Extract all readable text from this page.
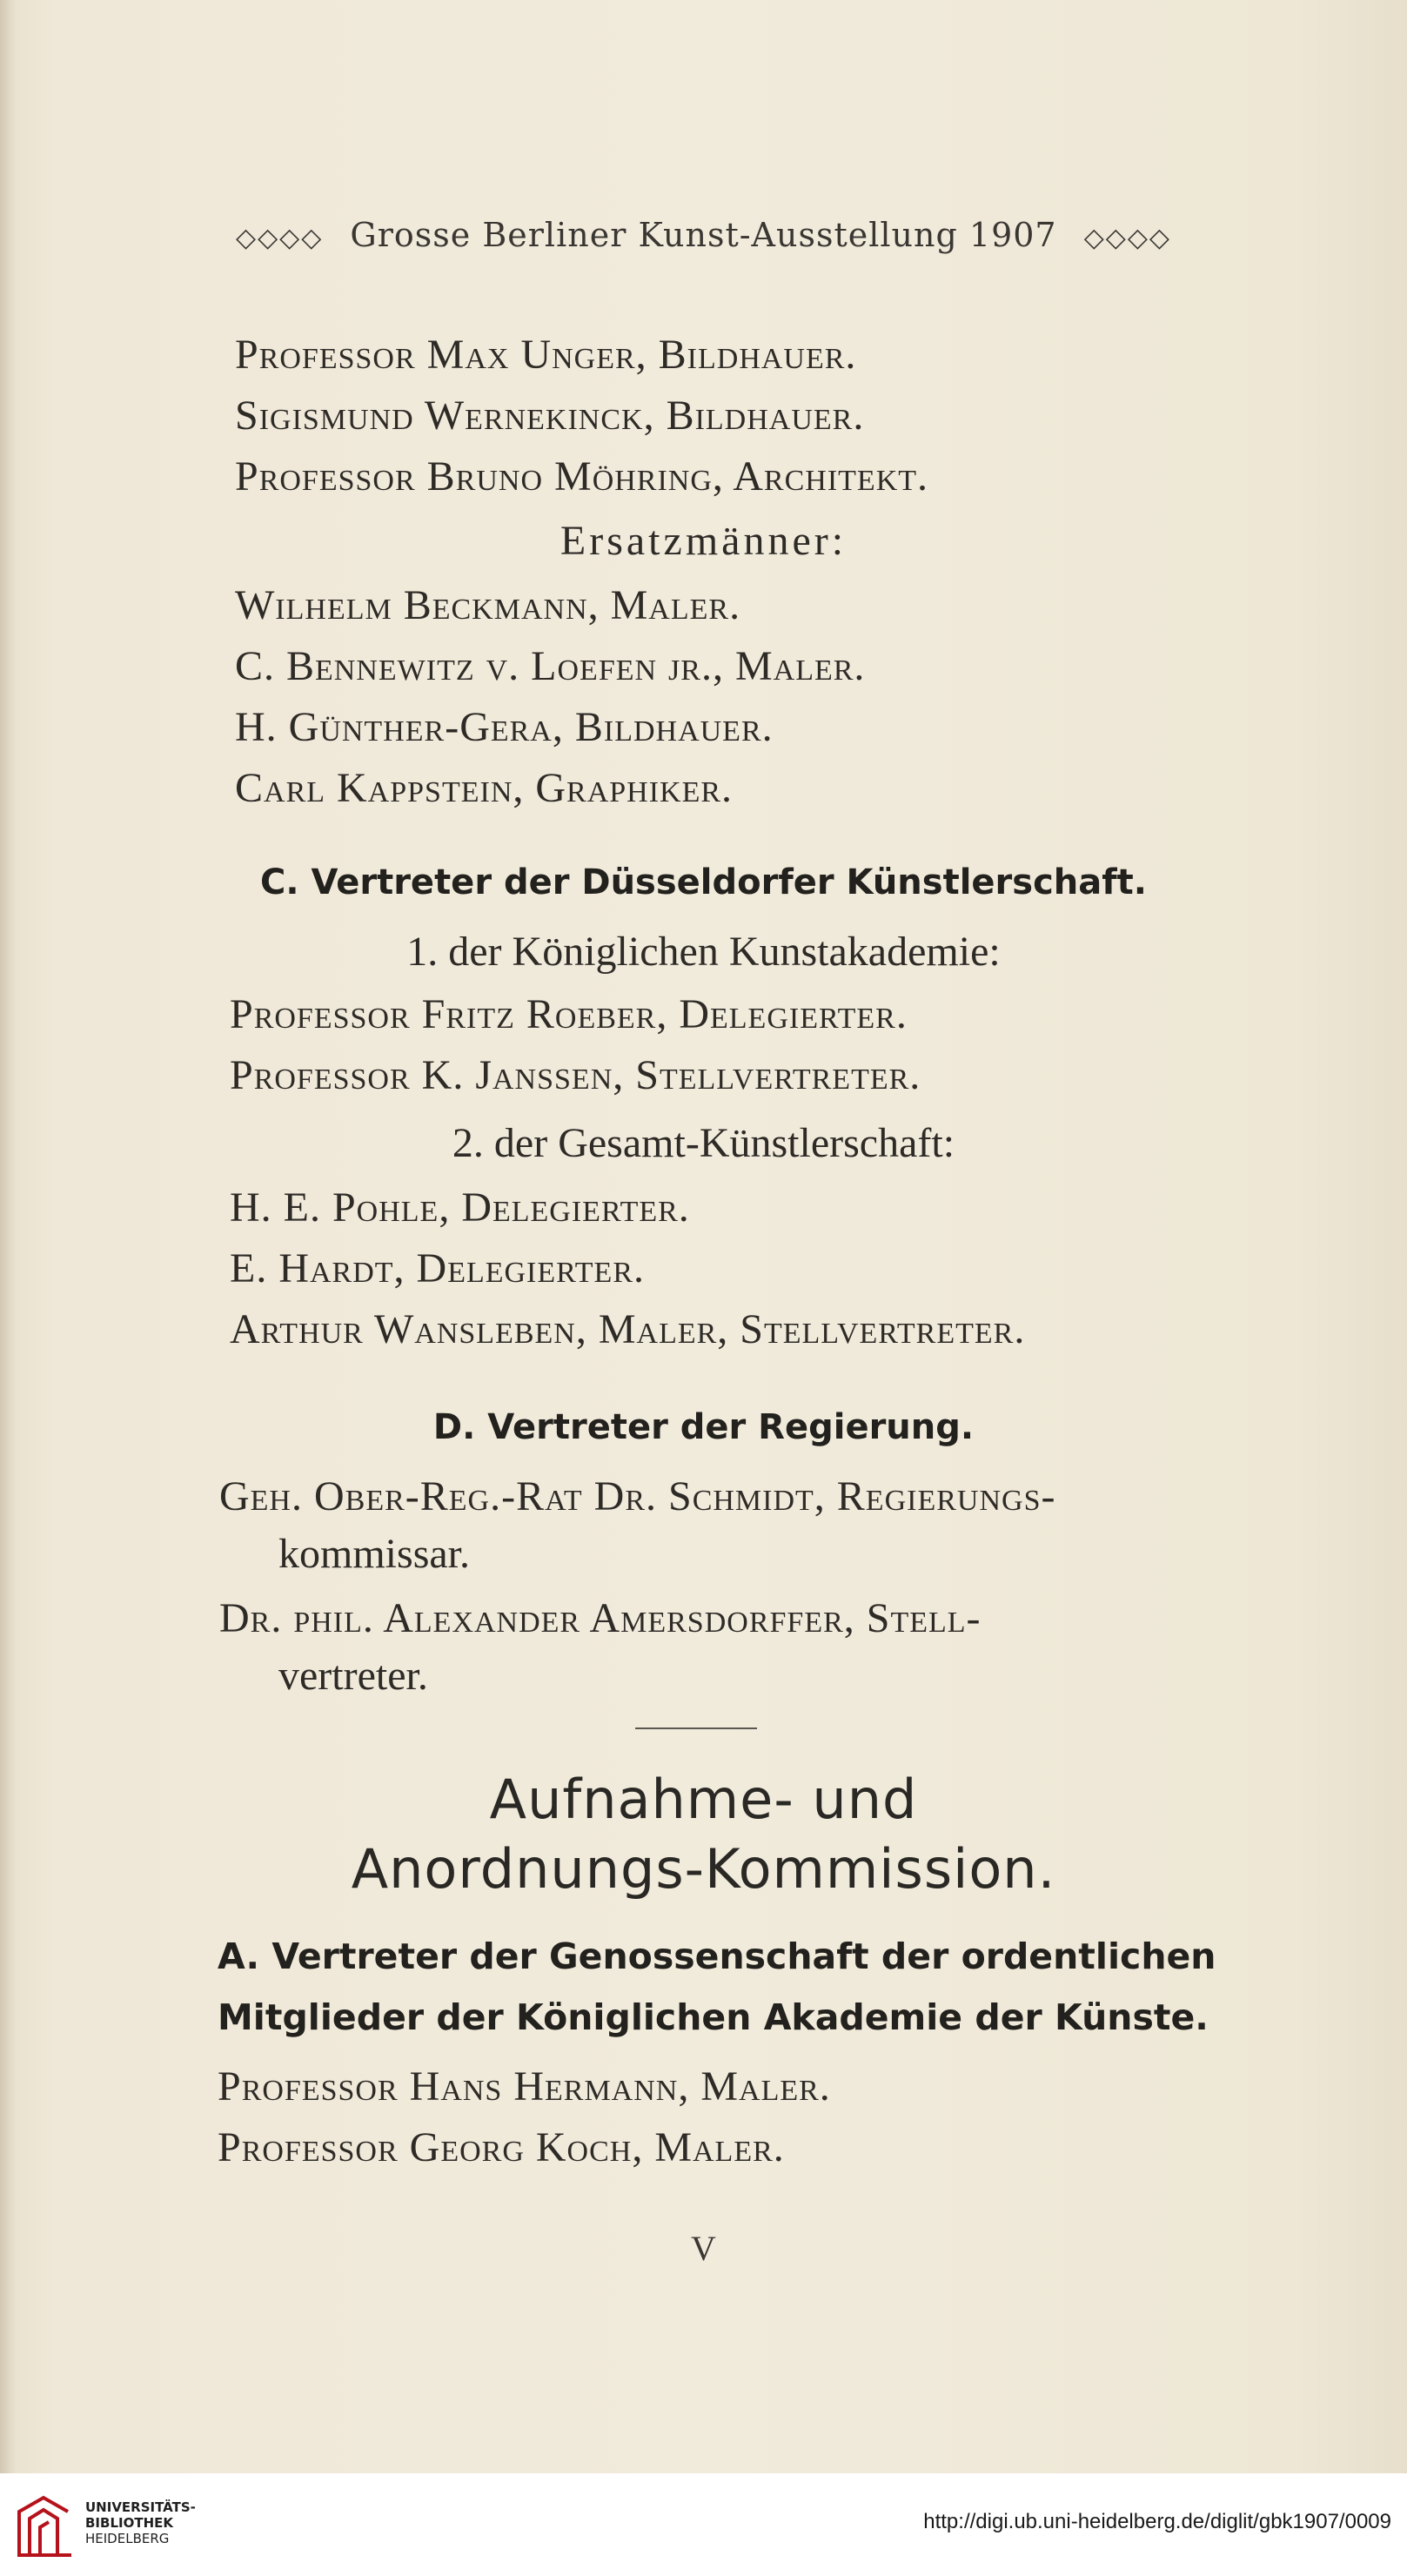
◇◇◇◇ Grosse Berliner Kunst-Ausstellung 1907 ◇◇◇◇
Professor Max Unger, Bildhauer.
Sigismund Wernekinck, Bildhauer.
Professor Bruno Möhring, Architekt.
Ersatzmänner:
Wilhelm Beckmann, Maler.
C. Bennewitz v. Loefen jr., Maler.
H. Günther-Gera, Bildhauer.
Carl Kappstein, Graphiker.
C. Vertreter der Düsseldorfer Künstlerschaft.
1. der Königlichen Kunstakademie:
Professor Fritz Roeber, Delegierter.
Professor K. Janssen, Stellvertreter.
2. der Gesamt-Künstlerschaft:
H. E. Pohle, Delegierter.
E. Hardt, Delegierter.
Arthur Wansleben, Maler, Stellvertreter.
D. Vertreter der Regierung.
Geh. Ober-Reg.-Rat Dr. Schmidt, Regierungs-
kommissar.
Dr. phil. Alexander Amersdorffer, Stell-
vertreter.
Aufnahme- und
Anordnungs-Kommission.
A. Vertreter der Genossenschaft der ordentlichen
Mitglieder der Königlichen Akademie der Künste.
Professor Hans Hermann, Maler.
Professor Georg Koch, Maler.
V
UNIVERSITÄTS-
BIBLIOTHEK
HEIDELBERG
http://digi.ub.uni-heidelberg.de/diglit/gbk1907/0009
